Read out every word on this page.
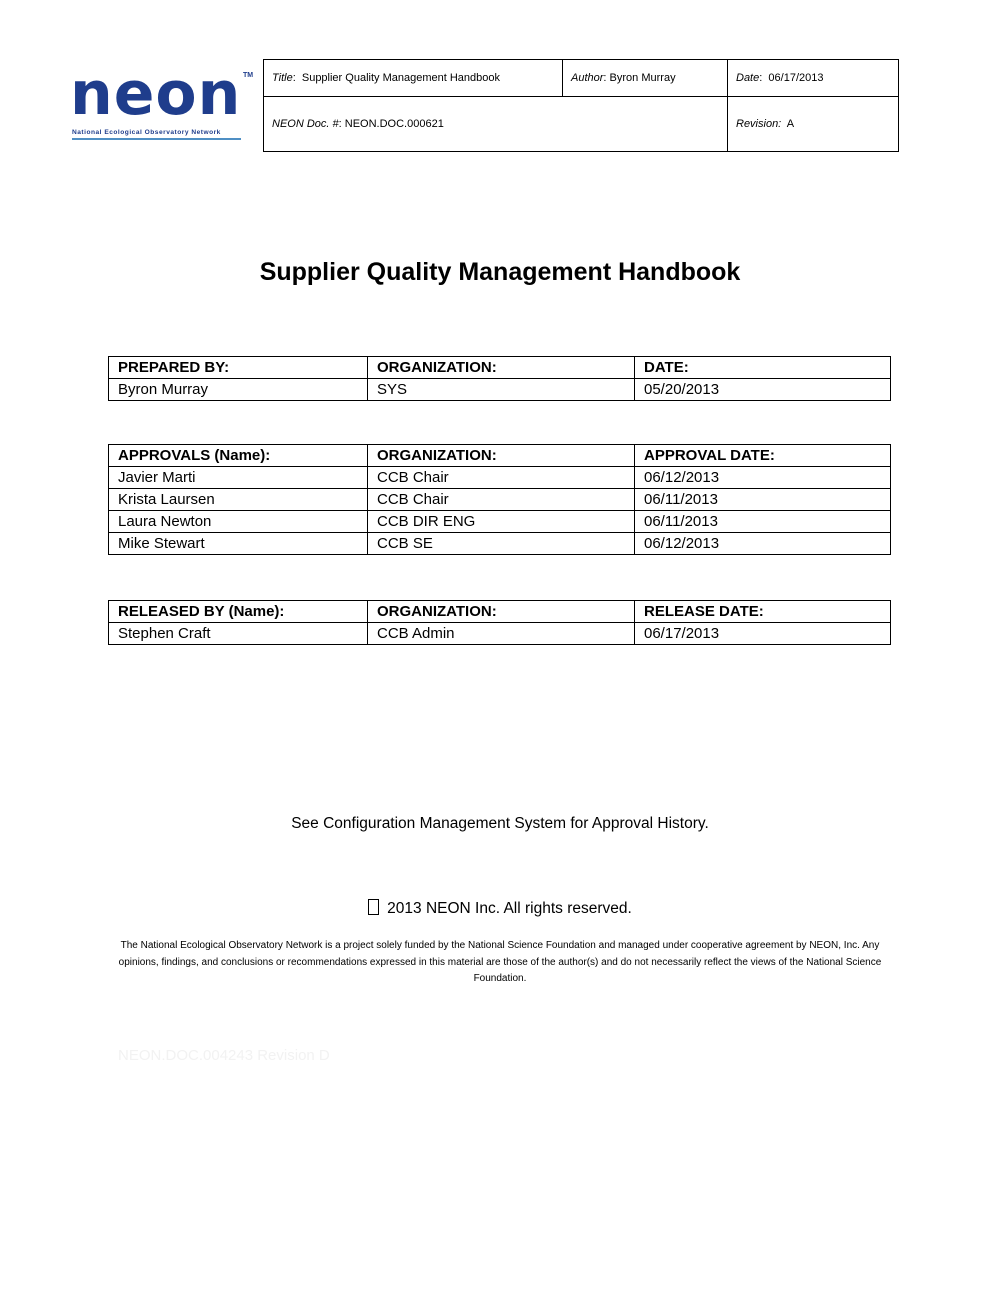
neon TM
National Ecological Observatory Network
Title:  Supplier Quality Management Handbook	Author: Byron Murray	Date:  06/17/2013
NEON Doc. #: NEON.DOC.000621		Revision: A
Supplier Quality Management Handbook
PREPARED BY:	ORGANIZATION:	DATE:
Byron Murray	SYS	05/20/2013
APPROVALS (Name):	ORGANIZATION:	APPROVAL DATE:
Javier Marti	CCB Chair	06/12/2013
Krista Laursen	CCB Chair	06/11/2013
Laura Newton	CCB DIR ENG	06/11/2013
Mike Stewart	CCB SE	06/12/2013
RELEASED BY (Name):	ORGANIZATION:	RELEASE DATE:
Stephen Craft	CCB Admin	06/17/2013
See Configuration Management System for Approval History.
2013 NEON Inc. All rights reserved.
The National Ecological Observatory Network is a project solely funded by the National Science Foundation and managed under cooperative agreement by NEON, Inc. Any opinions, findings, and conclusions or recommendations expressed in this material are those of the author(s) and do not necessarily reflect the views of the National Science Foundation.
NEON.DOC.004243 Revision D
